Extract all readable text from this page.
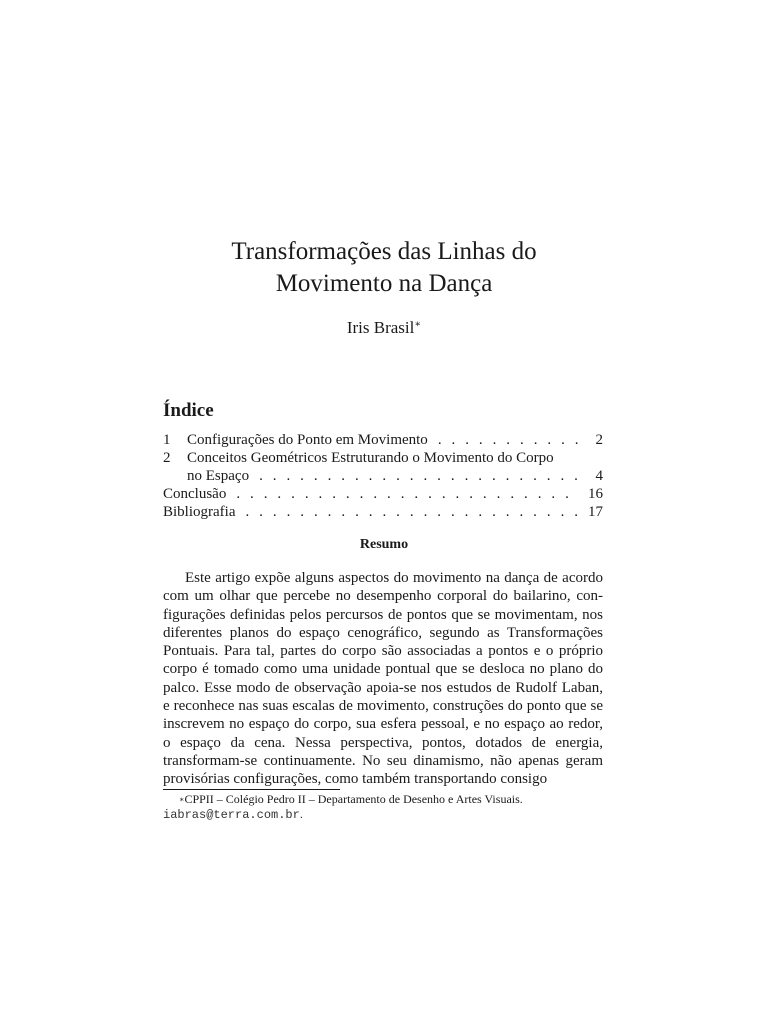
Transformações das Linhas do
Movimento na Dança
Iris Brasil∗
Índice
1	Configurações do Ponto em Movimento . . .	2
2	Conceitos Geométricos Estruturando o Movimento do Corpo
no Espaço . . .	4
Conclusão . . .	16
Bibliografia . . .	17
Resumo

Este artigo expõe alguns aspectos do movimento na dança de acordo com um olhar que percebe no desempenho corporal do bailarino, configurações definidas pelos percursos de pontos que se movimentam, nos diferentes planos do espaço cenográfico, segundo as Transformações Pontuais. Para tal, partes do corpo são associadas a pontos e o próprio corpo é tomado como uma unidade pontual que se desloca no plano do palco. Esse modo de observação apoia-se nos estudos de Rudolf Laban, e reconhece nas suas escalas de movimento, construções do ponto que se inscrevem no espaço do corpo, sua esfera pessoal, e no espaço ao redor, o espaço da cena. Nessa perspectiva, pontos, dotados de energia, transformam-se continuamente. No seu dinamismo, não apenas geram provisórias configurações, como também transportando consigo

∗CPPII – Colégio Pedro II – Departamento de Desenho e Artes Visuais. iabras@terra.com.br.
